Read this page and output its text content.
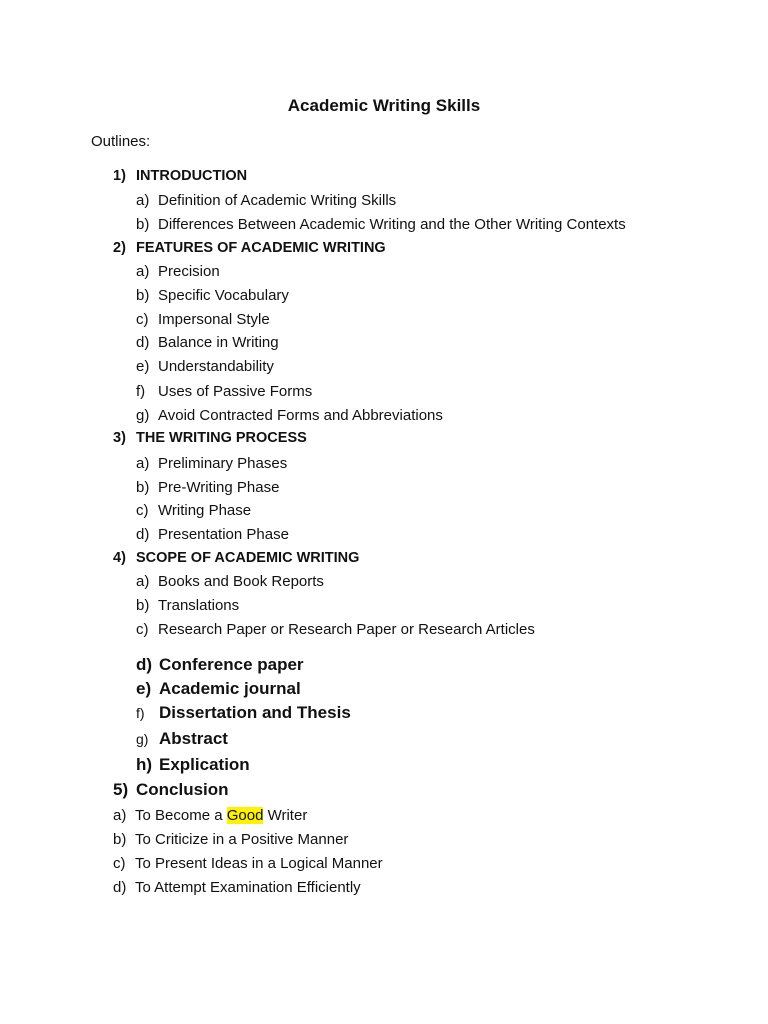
Academic Writing Skills
Outlines:
1) INTRODUCTION
a) Definition of Academic Writing Skills
b) Differences Between Academic Writing and the Other Writing Contexts
2) FEATURES OF ACADEMIC WRITING
a) Precision
b) Specific Vocabulary
c) Impersonal Style
d) Balance in Writing
e) Understandability
f) Uses of Passive Forms
g) Avoid Contracted Forms and Abbreviations
3) THE WRITING PROCESS
a) Preliminary Phases
b) Pre-Writing Phase
c) Writing Phase
d) Presentation Phase
4) SCOPE OF ACADEMIC WRITING
a) Books and Book Reports
b) Translations
c) Research Paper or Research Paper or Research Articles
d) Conference paper
e) Academic journal
f) Dissertation and Thesis
g) Abstract
h) Explication
5) Conclusion
a) To Become a Good Writer
b) To Criticize in a Positive Manner
c) To Present Ideas in a Logical Manner
d) To Attempt Examination Efficiently
